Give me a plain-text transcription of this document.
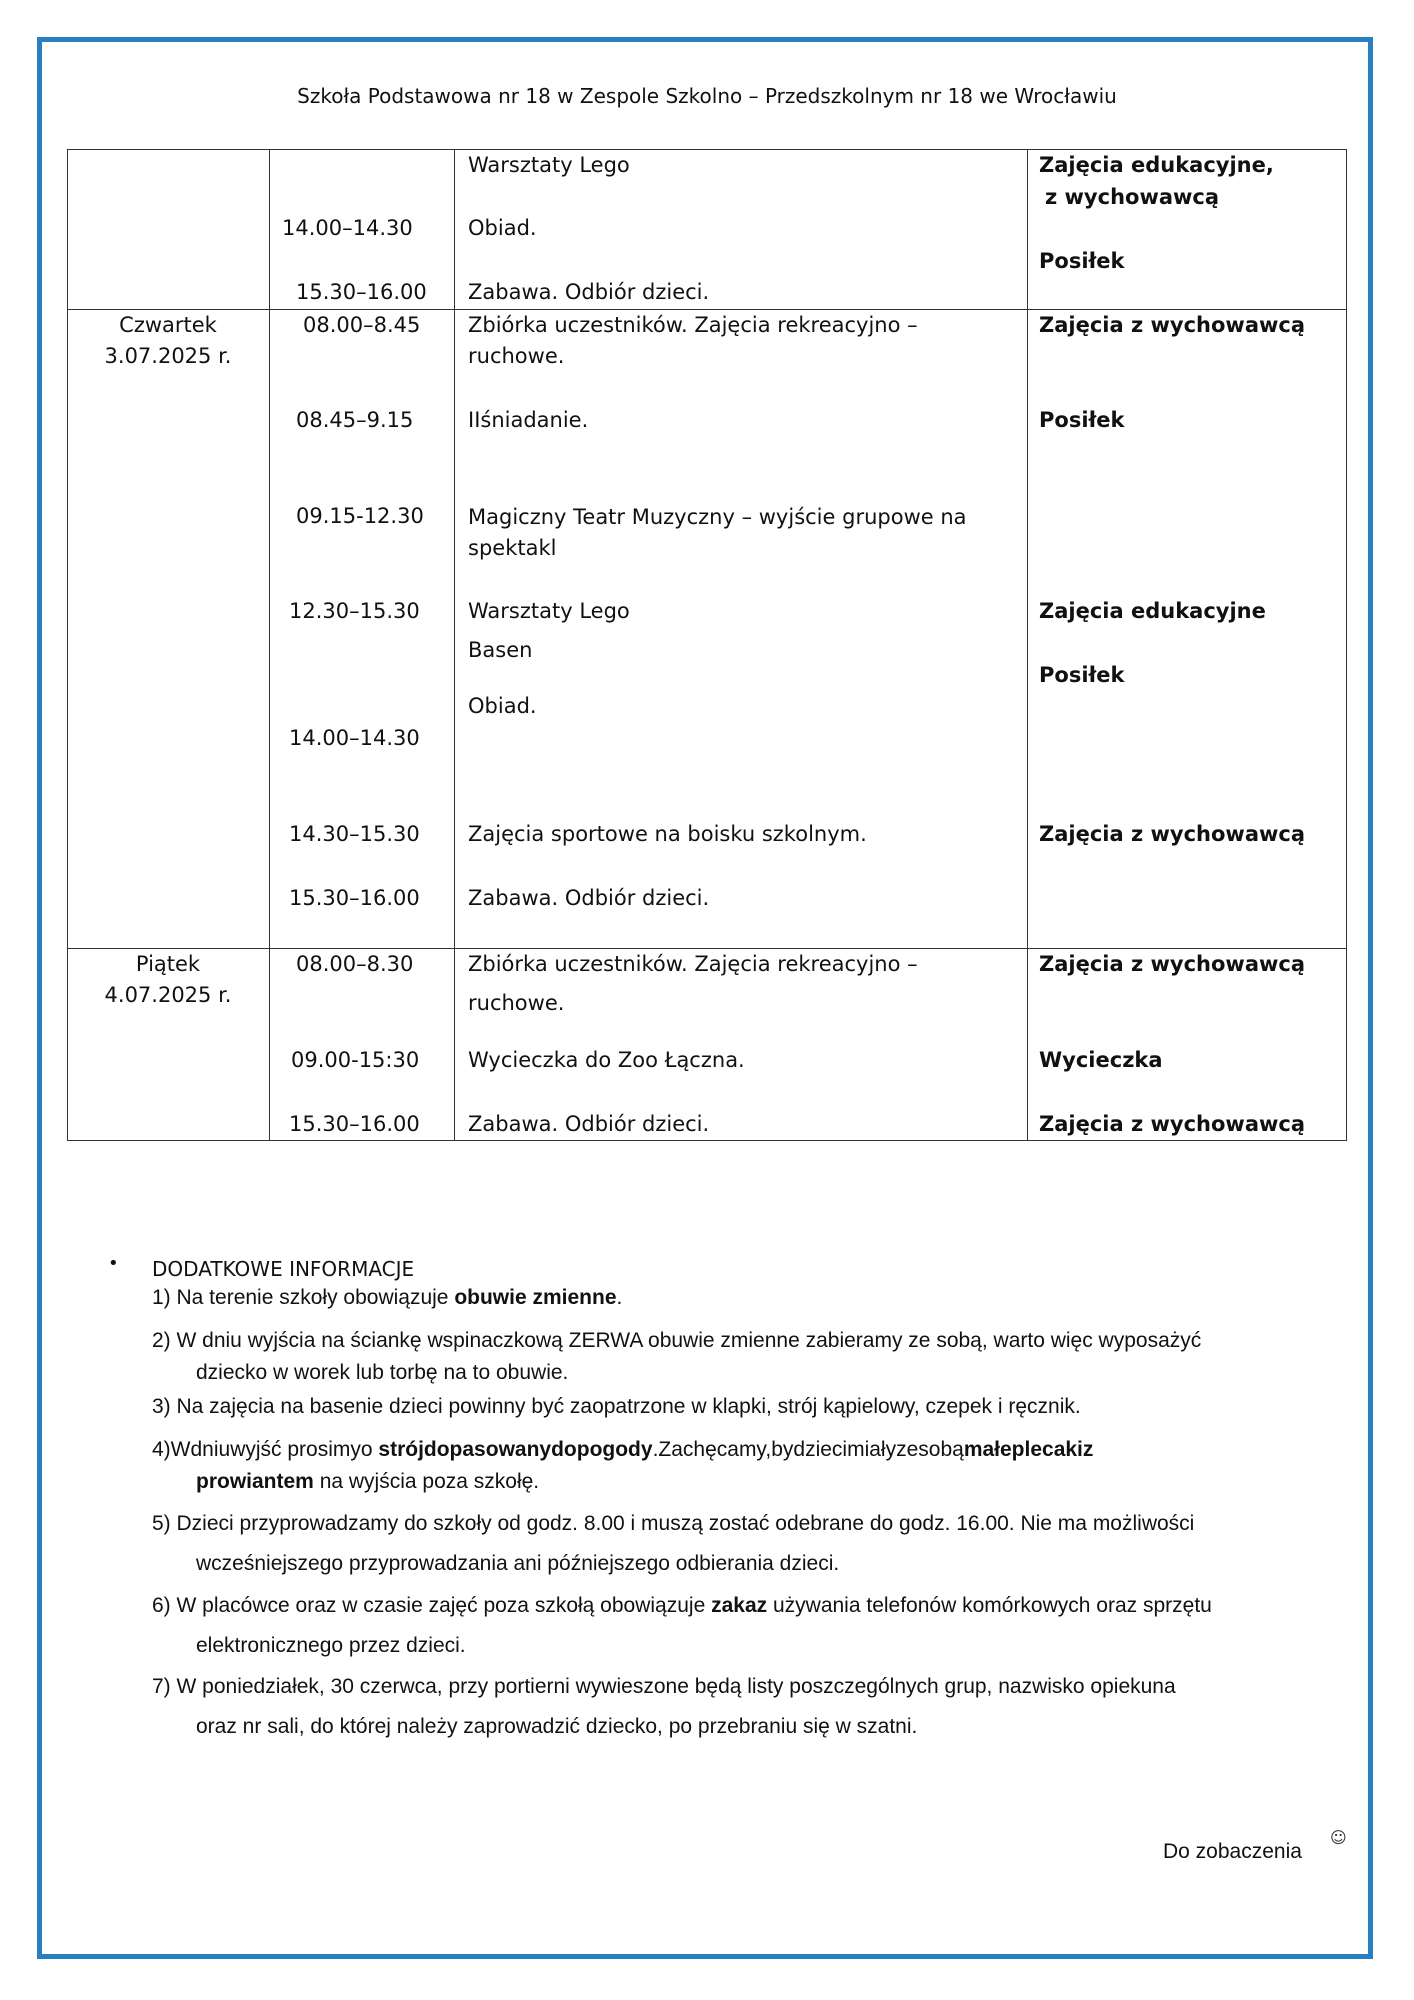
Szkoła Podstawowa nr 18 w Zespole Szkolno – Przedszkolnym nr 18 we Wrocławiu
14.00–14.30
15.30–16.00
Warsztaty Lego
Obiad.
Zabawa. Odbiór dzieci.
Zajęcia edukacyjne,
z wychowawcą
Posiłek
Czwartek
3.07.2025 r.
08.00–8.45
08.45–9.15
09.15-12.30
12.30–15.30
14.00–14.30
14.30–15.30
15.30–16.00
Zbiórka uczestników. Zajęcia rekreacyjno –
ruchowe.
IIśniadanie.
Magiczny Teatr Muzyczny – wyjście grupowe na
spektakl
Warsztaty Lego
Basen
Obiad.
Zajęcia sportowe na boisku szkolnym.
Zabawa. Odbiór dzieci.
Zajęcia z wychowawcą
Posiłek
Zajęcia edukacyjne
Posiłek
Zajęcia z wychowawcą
Piątek
4.07.2025 r.
08.00–8.30
09.00-15:30
15.30–16.00
Zbiórka uczestników. Zajęcia rekreacyjno –
ruchowe.
Wycieczka do Zoo Łączna.
Zabawa. Odbiór dzieci.
Zajęcia z wychowawcą
Wycieczka
Zajęcia z wychowawcą
• DODATKOWE INFORMACJE
1) Na terenie szkoły obowiązuje obuwie zmienne.
2) W dniu wyjścia na ściankę wspinaczkową ZERWA obuwie zmienne zabieramy ze sobą, warto więc wyposażyć
dziecko w worek lub torbę na to obuwie.
3) Na zajęcia na basenie dzieci powinny być zaopatrzone w klapki, strój kąpielowy, czepek i ręcznik.
4)Wdniuwyjść prosimyo strójdopasowanydopogody.Zachęcamy,bydziecimiałyzesobąmałeplecakiz
prowiantem na wyjścia poza szkołę.
5) Dzieci przyprowadzamy do szkoły od godz. 8.00 i muszą zostać odebrane do godz. 16.00. Nie ma możliwości
wcześniejszego przyprowadzania ani późniejszego odbierania dzieci.
6) W placówce oraz w czasie zajęć poza szkołą obowiązuje zakaz używania telefonów komórkowych oraz sprzętu
elektronicznego przez dzieci.
7) W poniedziałek, 30 czerwca, przy portierni wywieszone będą listy poszczególnych grup, nazwisko opiekuna
oraz nr sali, do której należy zaprowadzić dziecko, po przebraniu się w szatni.
Do zobaczenia
☺
